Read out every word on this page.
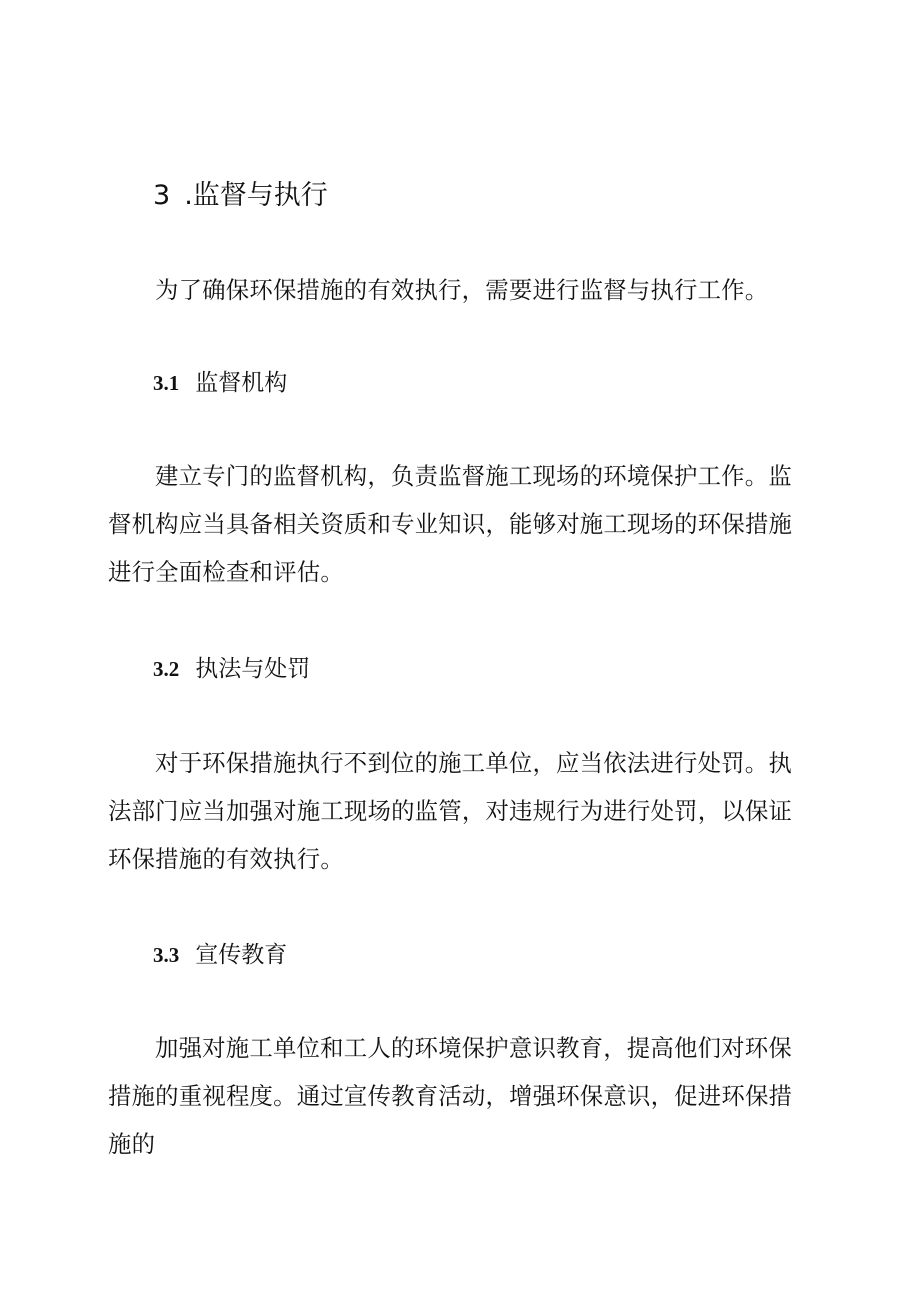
3 .监督与执行
为了确保环保措施的有效执行，需要进行监督与执行工作。
3.1 监督机构
建立专门的监督机构，负责监督施工现场的环境保护工作。监督机构应当具备相关资质和专业知识，能够对施工现场的环保措施进行全面检查和评估。
3.2 执法与处罚
对于环保措施执行不到位的施工单位，应当依法进行处罚。执法部门应当加强对施工现场的监管，对违规行为进行处罚，以保证环保措施的有效执行。
3.3 宣传教育
加强对施工单位和工人的环境保护意识教育，提高他们对环保措施的重视程度。通过宣传教育活动，增强环保意识，促进环保措施的
